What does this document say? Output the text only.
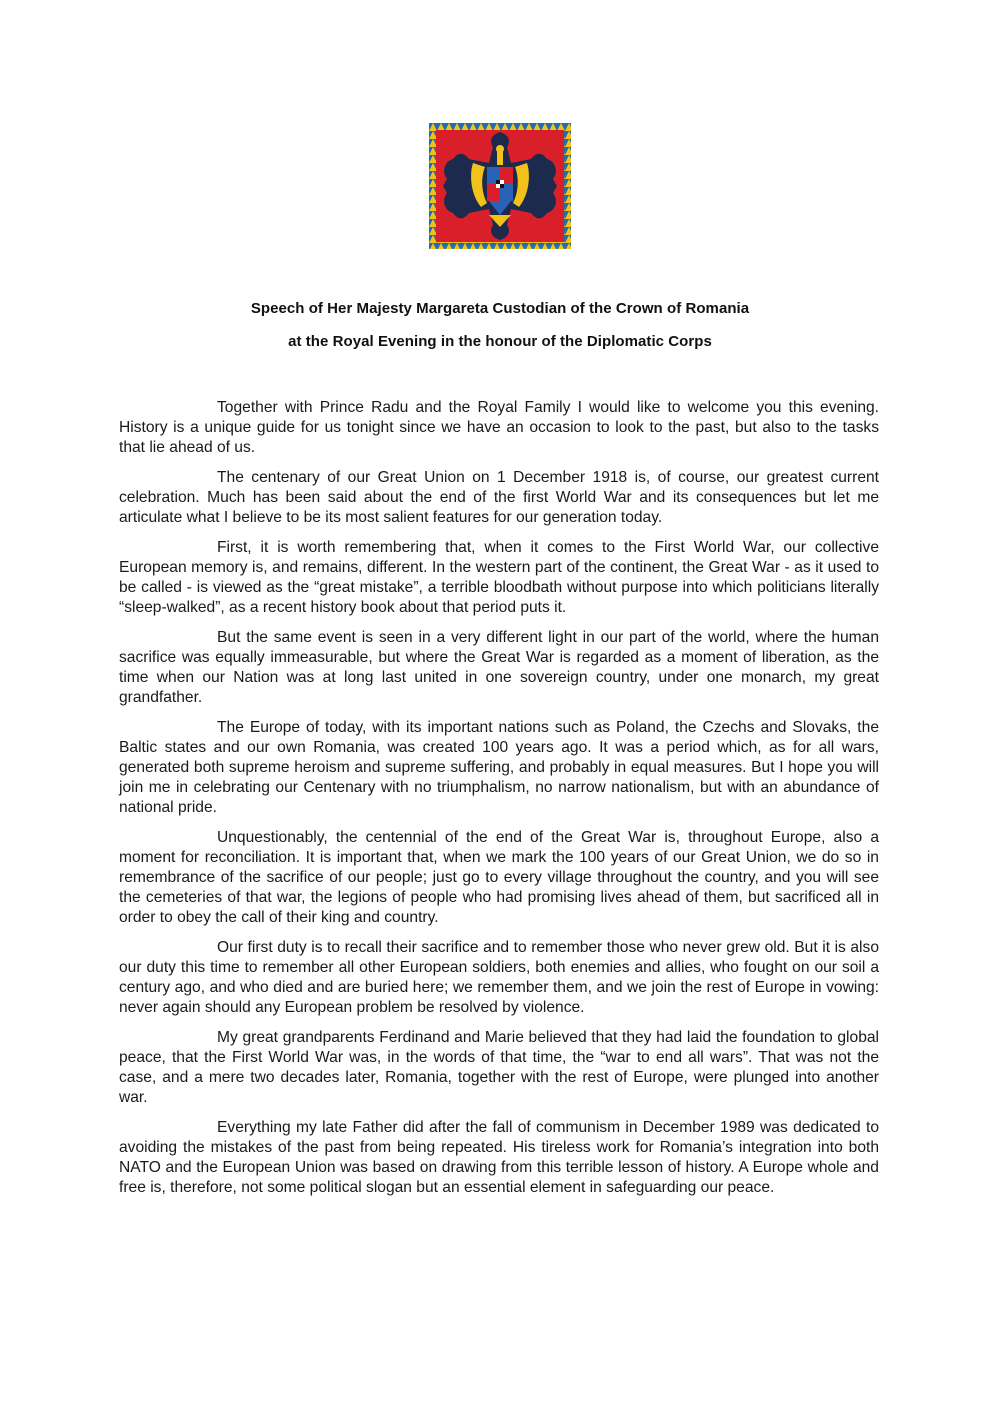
Speech of Her Majesty Margareta Custodian of the Crown of Romania
at the Royal Evening in the honour of the Diplomatic Corps

Together with Prince Radu and the Royal Family I would like to welcome you this evening. History is a unique guide for us tonight since we have an occasion to look to the past, but also to the tasks that lie ahead of us.

The centenary of our Great Union on 1 December 1918 is, of course, our greatest current celebration. Much has been said about the end of the first World War and its consequences but let me articulate what I believe to be its most salient features for our generation today.

First, it is worth remembering that, when it comes to the First World War, our collective European memory is, and remains, different. In the western part of the continent, the Great War - as it used to be called - is viewed as the “great mistake”, a terrible bloodbath without purpose into which politicians literally “sleep-walked”, as a recent history book about that period puts it.

But the same event is seen in a very different light in our part of the world, where the human sacrifice was equally immeasurable, but where the Great War is regarded as a moment of liberation, as the time when our Nation was at long last united in one sovereign country, under one monarch, my great grandfather.

The Europe of today, with its important nations such as Poland, the Czechs and Slovaks, the Baltic states and our own Romania, was created 100 years ago. It was a period which, as for all wars, generated both supreme heroism and supreme suffering, and probably in equal measures. But I hope you will join me in celebrating our Centenary with no triumphalism, no narrow nationalism, but with an abundance of national pride.

Unquestionably, the centennial of the end of the Great War is, throughout Europe, also a moment for reconciliation. It is important that, when we mark the 100 years of our Great Union, we do so in remembrance of the sacrifice of our people; just go to every village throughout the country, and you will see the cemeteries of that war, the legions of people who had promising lives ahead of them, but sacrificed all in order to obey the call of their king and country.

Our first duty is to recall their sacrifice and to remember those who never grew old. But it is also our duty this time to remember all other European soldiers, both enemies and allies, who fought on our soil a century ago, and who died and are buried here; we remember them, and we join the rest of Europe in vowing: never again should any European problem be resolved by violence.

My great grandparents Ferdinand and Marie believed that they had laid the foundation to global peace, that the First World War was, in the words of that time, the “war to end all wars”. That was not the case, and a mere two decades later, Romania, together with the rest of Europe, were plunged into another war.

Everything my late Father did after the fall of communism in December 1989 was dedicated to avoiding the mistakes of the past from being repeated. His tireless work for Romania’s integration into both NATO and the European Union was based on drawing from this terrible lesson of history. A Europe whole and free is, therefore, not some political slogan but an essential element in safeguarding our peace.
